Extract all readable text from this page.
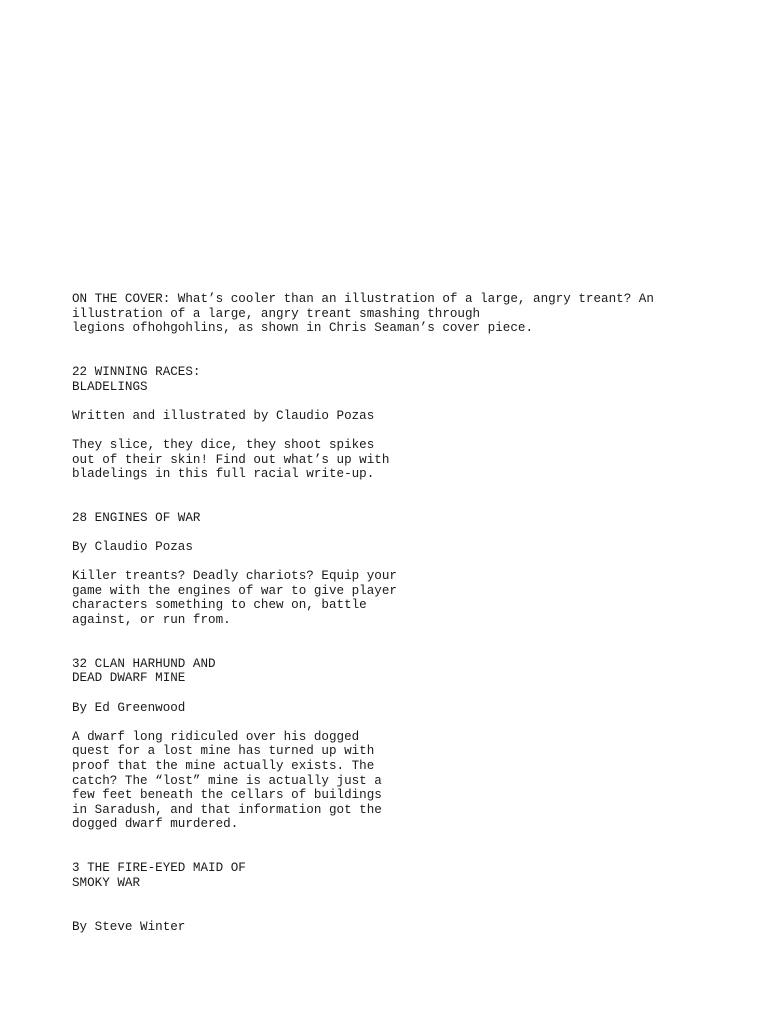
ON THE COVER: What’s cooler than an illustration of a large, angry treant? An
illustration of a large, angry treant smashing through
legions ofhohgohlins, as shown in Chris Seaman’s cover piece.
22 WINNING RACES:
BLADELINGS
Written and illustrated by Claudio Pozas
They slice, they dice, they shoot spikes
out of their skin! Find out what’s up with
bladelings in this full racial write-up.
28 ENGINES OF WAR
By Claudio Pozas
Killer treants? Deadly chariots? Equip your
game with the engines of war to give player
characters something to chew on, battle
against, or run from.
32 CLAN HARHUND AND
DEAD DWARF MINE
By Ed Greenwood
A dwarf long ridiculed over his dogged
quest for a lost mine has turned up with
proof that the mine actually exists. The
catch? The “lost” mine is actually just a
few feet beneath the cellars of buildings
in Saradush, and that information got the
dogged dwarf murdered.
3 THE FIRE-EYED MAID OF
SMOKY WAR
By Steve Winter
